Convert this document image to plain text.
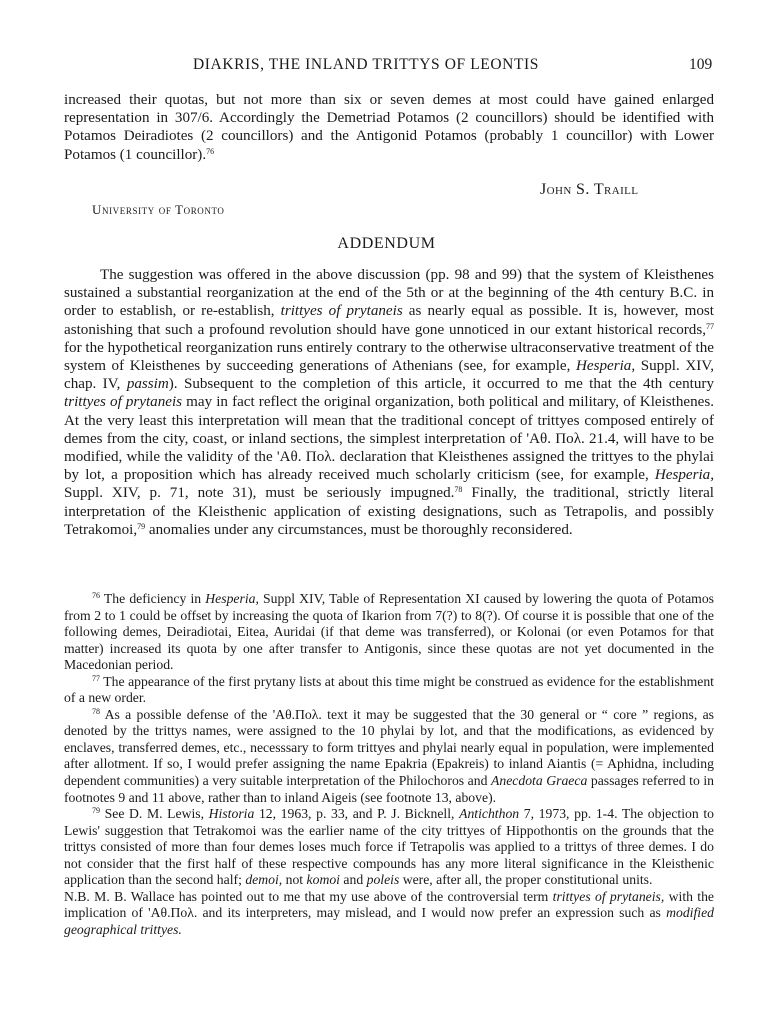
DIAKRIS, THE INLAND TRITTYS OF LEONTIS	109

increased their quotas, but not more than six or seven demes at most could have gained enlarged representation in 307/6. Accordingly the Demetriad Potamos (2 councillors) should be identified with Potamos Deiradiotes (2 councillors) and the Antigonid Potamos (probably 1 councillor) with Lower Potamos (1 councillor).$^{76}$

John S. Traill
University of Toronto
ADDENDUM

The suggestion was offered in the above discussion (pp. 98 and 99) that the system of Kleisthenes sustained a substantial reorganization at the end of the 5th or at the beginning of the 4th century B.C. in order to establish, or re-establish, trittyes of prytaneis as nearly equal as possible. It is, however, most astonishing that such a profound revolution should have gone unnoticed in our extant historical records,$^{77}$ for the hypothetical reorganization runs entirely contrary to the otherwise ultraconservative treatment of the system of Kleisthenes by succeeding generations of Athenians (see, for example, Hesperia, Suppl. XIV, chap. IV, passim). Subsequent to the completion of this article, it occurred to me that the 4th century trittyes of prytaneis may in fact reflect the original organization, both political and military, of Kleisthenes. At the very least this interpretation will mean that the traditional concept of trittyes composed entirely of demes from the city, coast, or inland sections, the simplest interpretation of 'Aθ. Πολ. 21.4, will have to be modified, while the validity of the 'Aθ. Πολ. declaration that Kleisthenes assigned the trittyes to the phylai by lot, a proposition which has already received much scholarly criticism (see, for example, Hesperia, Suppl. XIV, p. 71, note 31), must be seriously impugned.$^{78}$ Finally, the traditional, strictly literal interpretation of the Kleisthenic application of existing designations, such as Tetrapolis, and possibly Tetrakomoi,$^{79}$ anomalies under any circumstances, must be thoroughly reconsidered.

$^{76}$ The deficiency in Hesperia, Suppl XIV, Table of Representation XI caused by lowering the quota of Potamos from 2 to 1 could be offset by increasing the quota of Ikarion from 7(?) to 8(?). Of course it is possible that one of the following demes, Deiradiotai, Eitea, Auridai (if that deme was transferred), or Kolonai (or even Potamos for that matter) increased its quota by one after transfer to Antigonis, since these quotas are not yet documented in the Macedonian period.

$^{77}$ The appearance of the first prytany lists at about this time might be construed as evidence for the establishment of a new order.

$^{78}$ As a possible defense of the 'Aθ.Πολ. text it may be suggested that the 30 general or “ core ” regions, as denoted by the trittys names, were assigned to the 10 phylai by lot, and that the modifications, as evidenced by enclaves, transferred demes, etc., necesssary to form trittyes and phylai nearly equal in population, were implemented after allotment. If so, I would prefer assigning the name Epakria (Epakreis) to inland Aiantis (= Aphidna, including dependent communities) a very suitable interpretation of the Philochoros and Anecdota Graeca passages referred to in footnotes 9 and 11 above, rather than to inland Aigeis (see footnote 13, above).

$^{79}$ See D. M. Lewis, Historia 12, 1963, p. 33, and P. J. Bicknell, Antichthon 7, 1973, pp. 1-4. The objection to Lewis' suggestion that Tetrakomoi was the earlier name of the city trittyes of Hippothontis on the grounds that the trittys consisted of more than four demes loses much force if Tetrapolis was applied to a trittys of three demes. I do not consider that the first half of these respective compounds has any more literal significance in the Kleisthenic application than the second half; demoi, not komoi and poleis were, after all, the proper constitutional units.

N.B. M. B. Wallace has pointed out to me that my use above of the controversial term trittyes of prytaneis, with the implication of 'Aθ.Πολ. and its interpreters, may mislead, and I would now prefer an expression such as modified geographical trittyes.
